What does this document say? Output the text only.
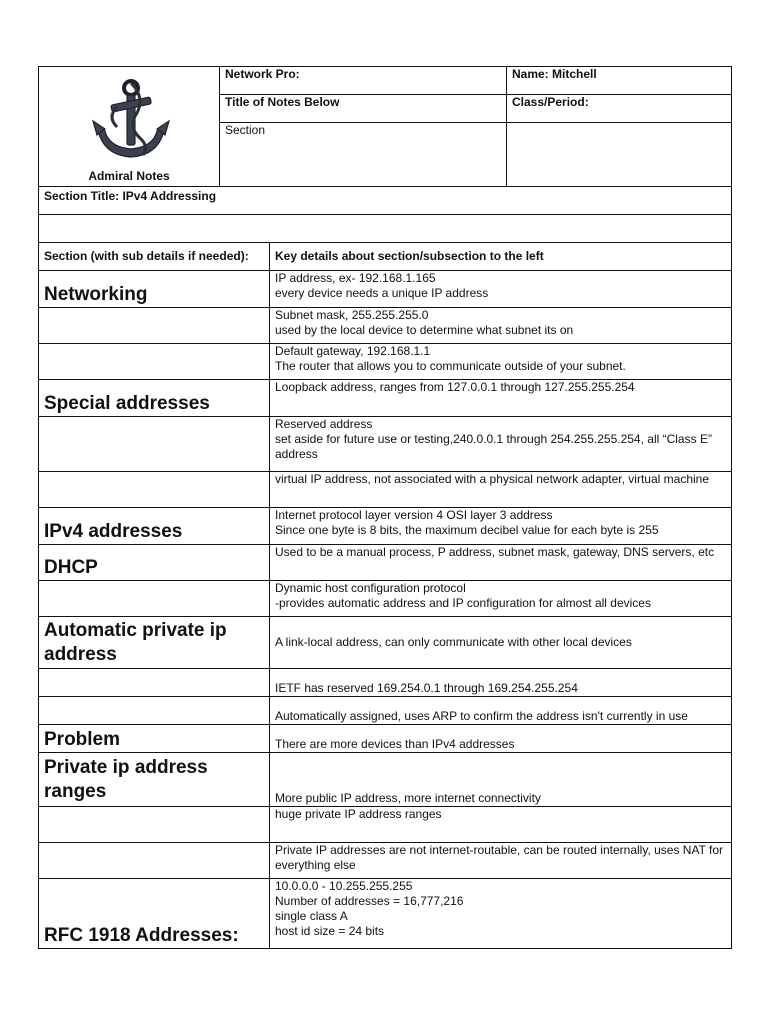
Admiral Notes	Network Pro:		Name: Mitchell
	Title of Notes Below		Class/Period:
	Section		
Section Title: IPv4 Addressing			

Section (with sub details if needed):		Key details about section/subsection to the left	
Networking		IP address, ex- 192.168.1.165
every device needs a unique IP address	

		Subnet mask, 255.255.255.0
used by the local device to determine what subnet its on	

		Default gateway, 192.168.1.1
The router that allows you to communicate outside of your subnet.	

Special addresses		Loopback address, ranges from 127.0.0.1 through 127.255.255.254	

		Reserved address
set aside for future use or testing,240.0.0.1 through 254.255.255.254, all “Class E” address	

		virtual IP address, not associated with a physical network adapter, virtual machine	

IPv4 addresses		Internet protocol layer version 4 OSI layer 3 address
Since one byte is 8 bits, the maximum decibel value for each byte is 255	

DHCP		Used to be a manual process, P address, subnet mask, gateway, DNS servers, etc	

		Dynamic host configuration protocol
-provides automatic address and IP configuration for almost all devices	

Automatic private ip address		A link-local address, can only communicate with other local devices	

		IETF has reserved 169.254.0.1 through 169.254.255.254	

		Automatically assigned, uses ARP to confirm the address isn't currently in use	

Problem		There are more devices than IPv4 addresses	

Private ip address ranges		More public IP address, more internet connectivity	

		huge private IP address ranges	

		Private IP addresses are not internet-routable, can be routed internally, uses NAT for everything else	

RFC 1918 Addresses:		10.0.0.0 - 10.255.255.255
Number of addresses = 16,777,216
single class A
host id size = 24 bits	
